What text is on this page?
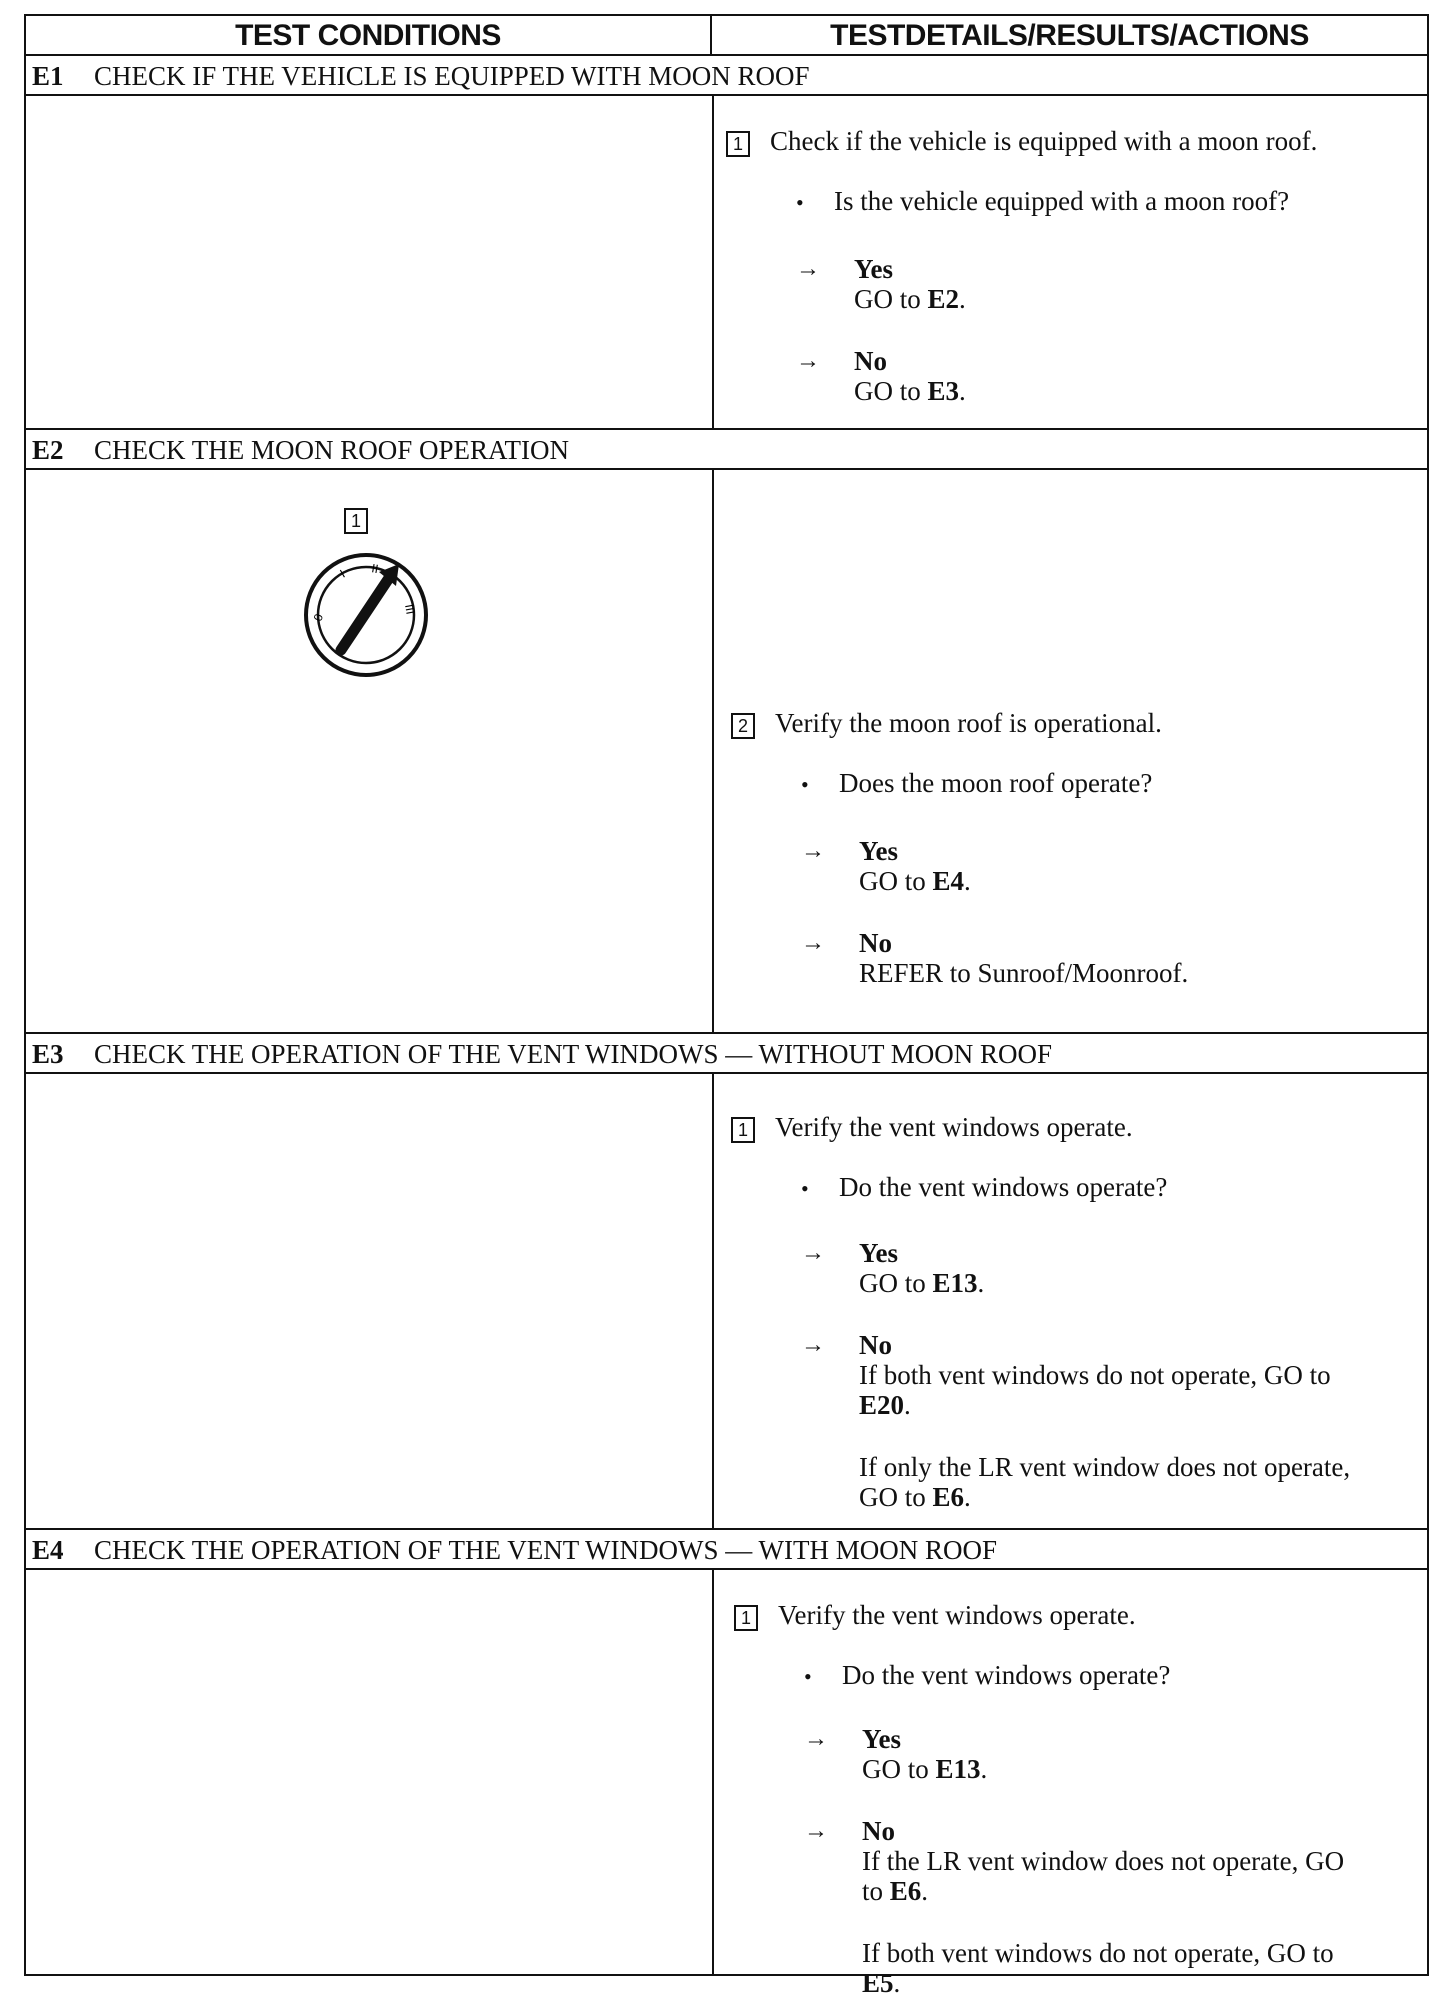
TEST CONDITIONS	TESTDETAILS/RESULTS/ACTIONS
E1 CHECK IF THE VEHICLE IS EQUIPPED WITH MOON ROOF
1 Check if the vehicle is equipped with a moon roof.
• Is the vehicle equipped with a moon roof?
→ Yes
GO to E2.
→ No
GO to E3.
E2 CHECK THE MOON ROOF OPERATION
1
0
I II
III
2 Verify the moon roof is operational.
• Does the moon roof operate?
→ Yes
GO to E4.
→ No
REFER to Sunroof/Moonroof.
E3 CHECK THE OPERATION OF THE VENT WINDOWS — WITHOUT MOON ROOF
1 Verify the vent windows operate.
• Do the vent windows operate?
→ Yes
GO to E13.
→ No
If both vent windows do not operate, GO to
E20.
If only the LR vent window does not operate,
GO to E6.
E4 CHECK THE OPERATION OF THE VENT WINDOWS — WITH MOON ROOF
1 Verify the vent windows operate.
• Do the vent windows operate?
→ Yes
GO to E13.
→ No
If the LR vent window does not operate, GO
to E6.
If both vent windows do not operate, GO to
E5.
